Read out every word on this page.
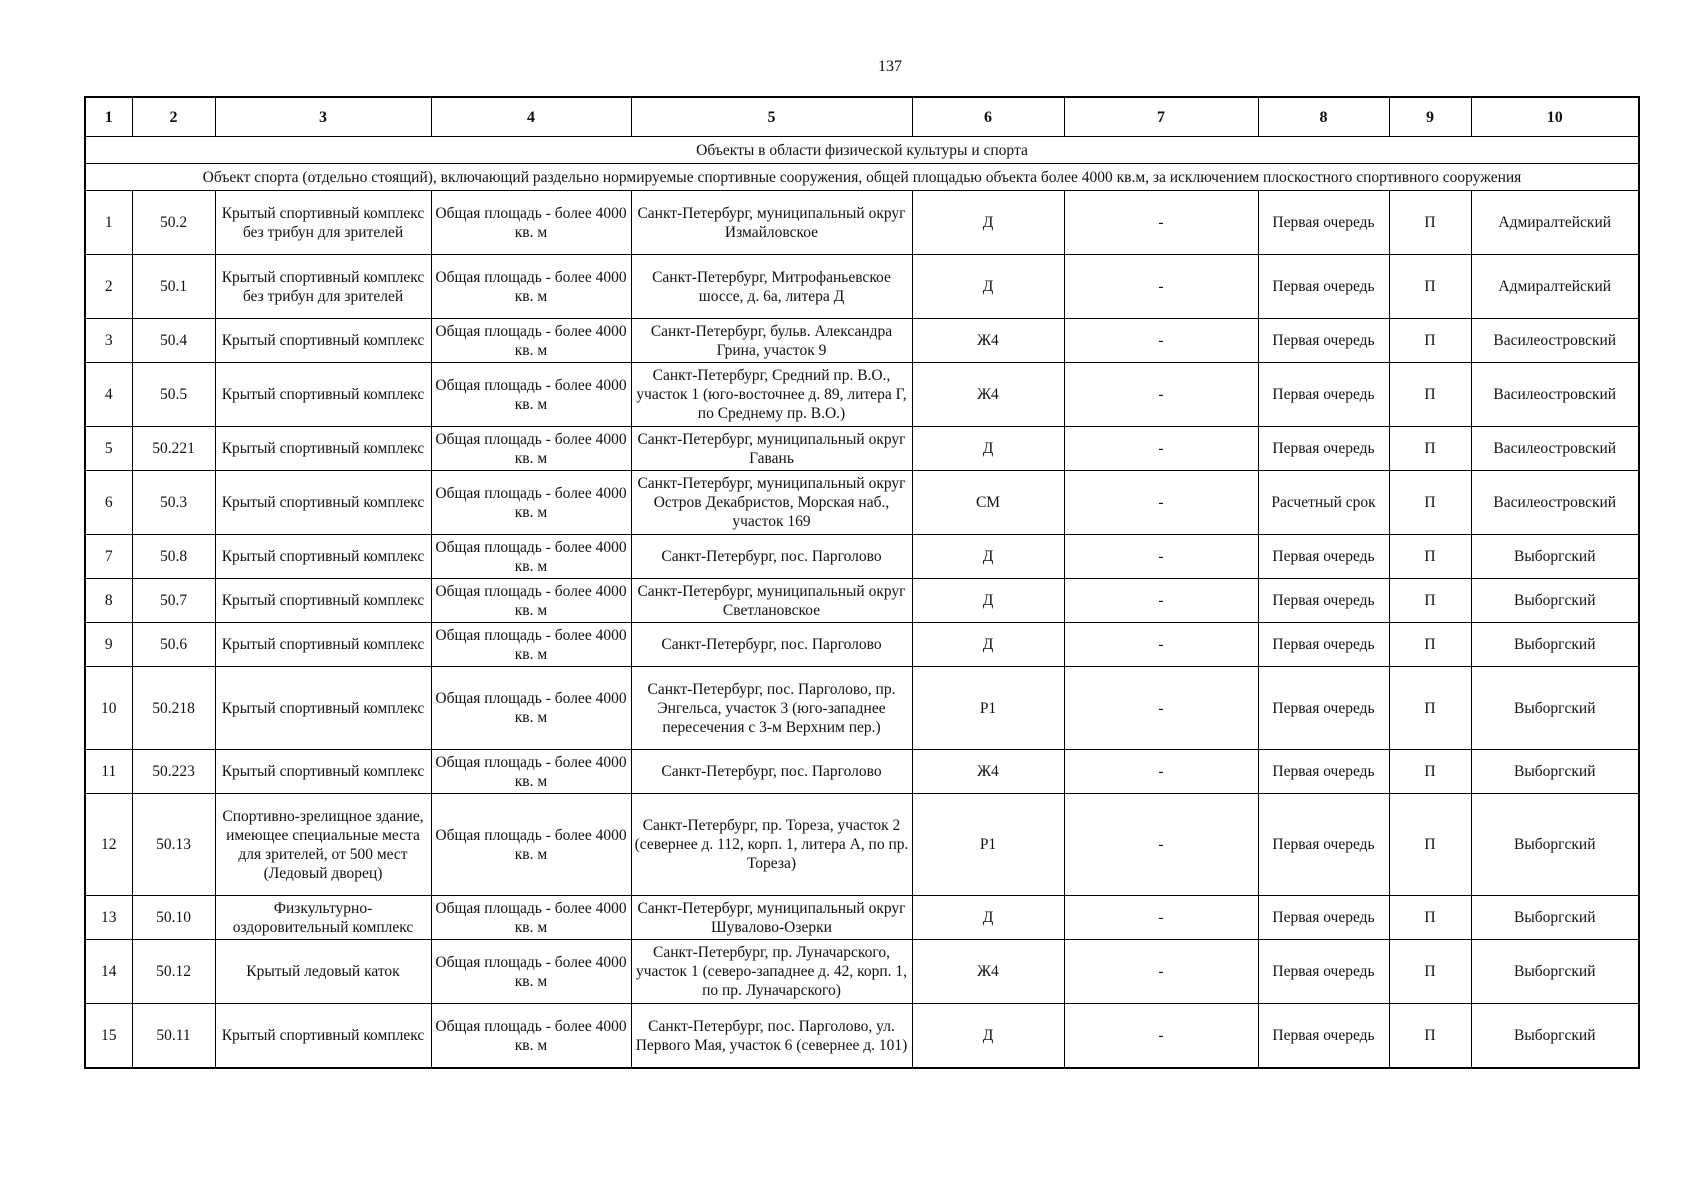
137
1	2	3	4	5	6	7	8	9	10
Объекты в области физической культуры и спорта									
Объект спорта (отдельно стоящий), включающий раздельно нормируемые спортивные сооружения, общей площадью объекта более 4000 кв.м, за исключением плоскостного спортивного сооружения									
1	50.2	Крытый спортивный комплекс без трибун для зрителей	Общая площадь - более 4000 кв. м	Санкт-Петербург, муниципальный округ Измайловское	Д	-	Первая очередь	П	Адмиралтейский
2	50.1	Крытый спортивный комплекс без трибун для зрителей	Общая площадь - более 4000 кв. м	Санкт-Петербург, Митрофаньевское шоссе, д. 6а, литера Д	Д	-	Первая очередь	П	Адмиралтейский
3	50.4	Крытый спортивный комплекс	Общая площадь - более 4000 кв. м	Санкт-Петербург, бульв. Александра Грина, участок 9	Ж4	-	Первая очередь	П	Василеостровский
4	50.5	Крытый спортивный комплекс	Общая площадь - более 4000 кв. м	Санкт-Петербург, Средний пр. В.О., участок 1 (юго-восточнее д. 89, литера Г, по Среднему пр. В.О.)	Ж4	-	Первая очередь	П	Василеостровский
5	50.221	Крытый спортивный комплекс	Общая площадь - более 4000 кв. м	Санкт-Петербург, муниципальный округ Гавань	Д	-	Первая очередь	П	Василеостровский
6	50.3	Крытый спортивный комплекс	Общая площадь - более 4000 кв. м	Санкт-Петербург, муниципальный округ Остров Декабристов, Морская наб., участок 169	СМ	-	Расчетный срок	П	Василеостровский
7	50.8	Крытый спортивный комплекс	Общая площадь - более 4000 кв. м	Санкт-Петербург, пос. Парголово	Д	-	Первая очередь	П	Выборгский
8	50.7	Крытый спортивный комплекс	Общая площадь - более 4000 кв. м	Санкт-Петербург, муниципальный округ Светлановское	Д	-	Первая очередь	П	Выборгский
9	50.6	Крытый спортивный комплекс	Общая площадь - более 4000 кв. м	Санкт-Петербург, пос. Парголово	Д	-	Первая очередь	П	Выборгский
10	50.218	Крытый спортивный комплекс	Общая площадь - более 4000 кв. м	Санкт-Петербург, пос. Парголово, пр. Энгельса, участок 3 (юго-западнее пересечения с 3-м Верхним пер.)	Р1	-	Первая очередь	П	Выборгский
11	50.223	Крытый спортивный комплекс	Общая площадь - более 4000 кв. м	Санкт-Петербург, пос. Парголово	Ж4	-	Первая очередь	П	Выборгский
12	50.13	Спортивно-зрелищное здание, имеющее специальные места для зрителей, от 500 мест (Ледовый дворец)	Общая площадь - более 4000 кв. м	Санкт-Петербург, пр. Тореза, участок 2 (севернее д. 112, корп. 1, литера А, по пр. Тореза)	Р1	-	Первая очередь	П	Выборгский
13	50.10	Физкультурно-оздоровительный комплекс	Общая площадь - более 4000 кв. м	Санкт-Петербург, муниципальный округ Шувалово-Озерки	Д	-	Первая очередь	П	Выборгский
14	50.12	Крытый ледовый каток	Общая площадь - более 4000 кв. м	Санкт-Петербург, пр. Луначарского, участок 1 (северо-западнее д. 42, корп. 1, по пр. Луначарского)	Ж4	-	Первая очередь	П	Выборгский
15	50.11	Крытый спортивный комплекс	Общая площадь - более 4000 кв. м	Санкт-Петербург, пос. Парголово, ул. Первого Мая, участок 6 (севернее д. 101)	Д	-	Первая очередь	П	Выборгский
